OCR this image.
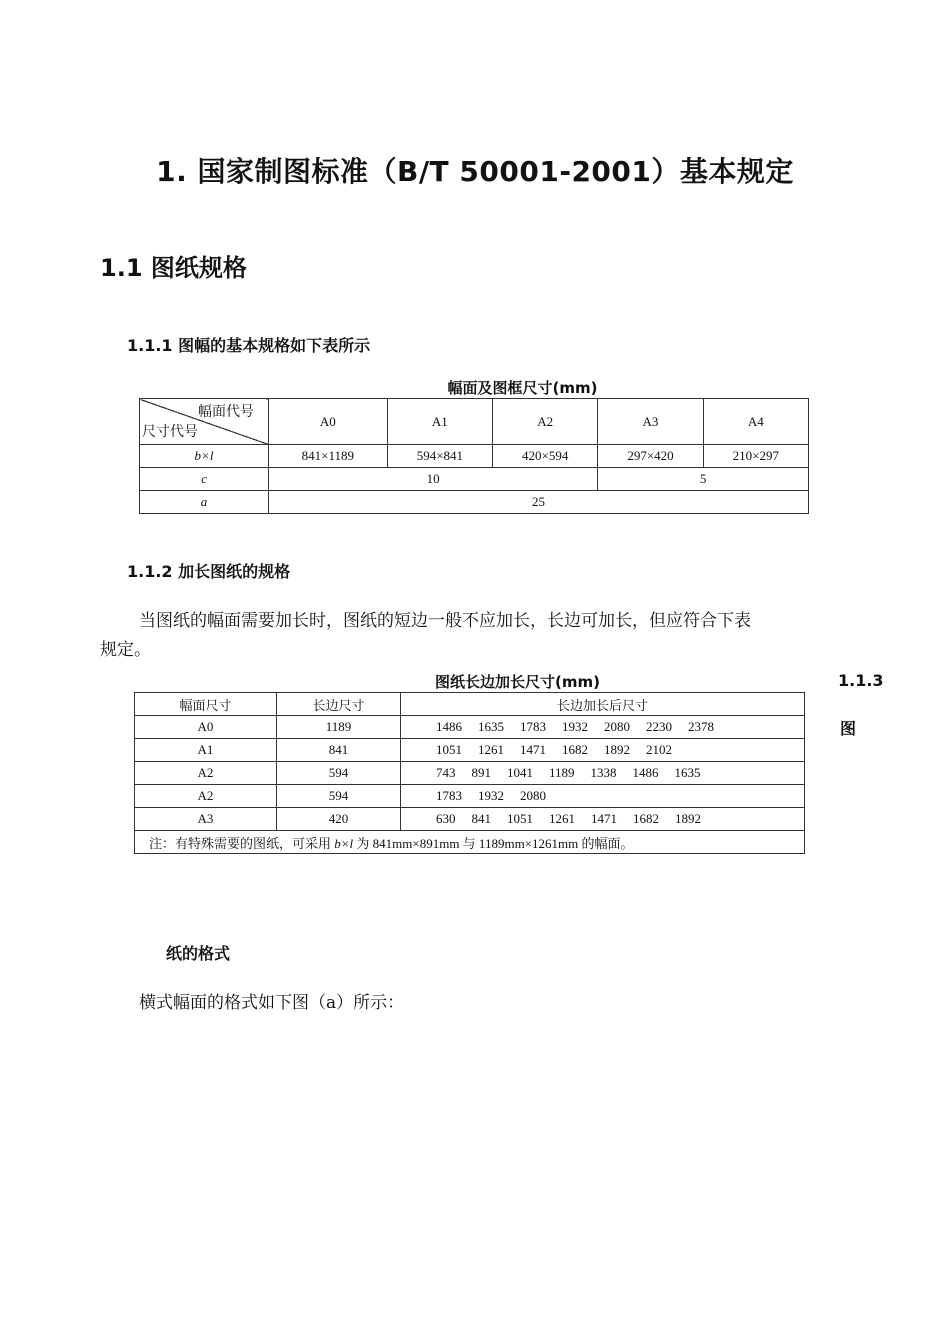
1. 国家制图标准（B/T 50001-2001）基本规定
1.1 图纸规格
1.1.1 图幅的基本规格如下表所示
幅面及图框尺寸(mm)
幅面代号
尺寸代号	A0	A1	A2	A3	A4
b×l	841×1189	594×841	420×594	297×420	210×297
c	10			5	
a	25				
1.1.2 加长图纸的规格
当图纸的幅面需要加长时，图纸的短边一般不应加长，长边可加长，但应符合下表
规定。
图纸长边加长尺寸(mm)
幅面尺寸	长边尺寸	长边加长后尺寸
A0	1189	1486 1635 1783 1932 2080 2230 2378
A1	841	1051 1261 1471 1682 1892 2102
A2	594	743 891 1041 1189 1338 1486 1635
A2	594	1783 1932 2080
A3	420	630 841 1051 1261 1471 1682 1892
注：有特殊需要的图纸，可采用 b×l 为 841mm×891mm 与 1189mm×1261mm 的幅面。		
1.1.3
图
纸的格式
横式幅面的格式如下图（a）所示：
